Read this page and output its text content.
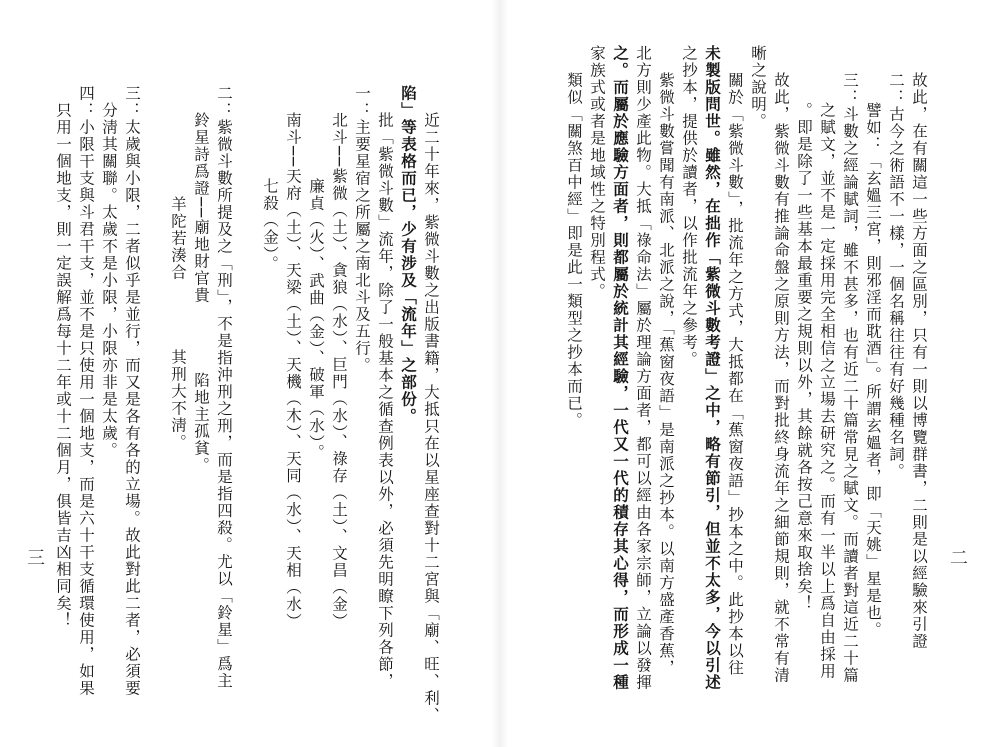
二
三	故此，在有關這一些方面之區別，只有一則以博覽群書，二則是以經驗來引證
二：古今之術語不一樣，一個名稱往往有好幾種名詞。
譬如：「玄媼三宮，則邪淫而耽酒」。所謂玄媼者，即「天姚」星是也。
三：斗數之經論賦詞，雖不甚多，也有近二十篇常見之賦文。而讀者對這近二十篇
之賦文，並不是一定採用完全相信之立場去研究之。而有一半以上爲自由採用
。即是除了一些基本最重要之規則以外，其餘就各按己意來取捨矣！
故此，紫微斗數有推論命盤之原則方法，而對批終身流年之細節規則，就不常有清
晰之說明。
關於「紫微斗數」，批流年之方式，大抵都在「蕉窗夜語」抄本之中。此抄本以往
未製版問世。雖然，在拙作「紫微斗數考證」之中，略有節引，但並不太多，今以引述
之抄本，提供於讀者，以作批流年之參考。
紫微斗數嘗聞有南派、北派之說，「蕉窗夜語」是南派之抄本。以南方盛產香蕉，
北方則少產此物。大抵「祿命法」屬於理論方面者，都可以經由各家宗師，立論以發揮
之。而屬於應驗方面者，則都屬於統計其經驗，一代又一代的積存其心得，而形成一種
家族式或者是地域性之特別程式。
類似「關煞百中經」即是此一類型之抄本而已。
近二十年來，紫微斗數之出版書籍，大抵只在以星座查對十二宮與「廟、旺、利、
陷」等表格而已，少有涉及「流年」之部份。
批「紫微斗數」流年，除了一般基本之循查例表以外，必須先明瞭下列各節，
一：主要星宿之所屬之南北斗及五行。
北斗──紫微（土）、貪狼（水）、巨門（水）、祿存（土）、文昌（金）
廉貞（火）、武曲（金）、破軍（水）。
南斗──天府（土）、天梁（土）、天機（木）、天同（水）、天相（水）
七殺（金）。
二：紫微斗數所提及之「刑」，不是指沖刑之刑，而是指四殺。尤以「鈴星」爲主
鈴星詩爲證──廟地財官貴　　　　陷地主孤貧。
羊陀若湊合　　　　其刑大不淸。
三：太歲與小限，二者似乎是並行，而又是各有各的立場。故此對此二者，必須要
分淸其關聯。太歲不是小限，小限亦非是太歲。
四：小限干支與斗君干支，並不是只使用一個地支，而是六十干支循環使用，如果
只用一個地支，則一定誤解爲每十二年或十二個月，俱皆吉凶相同矣！
